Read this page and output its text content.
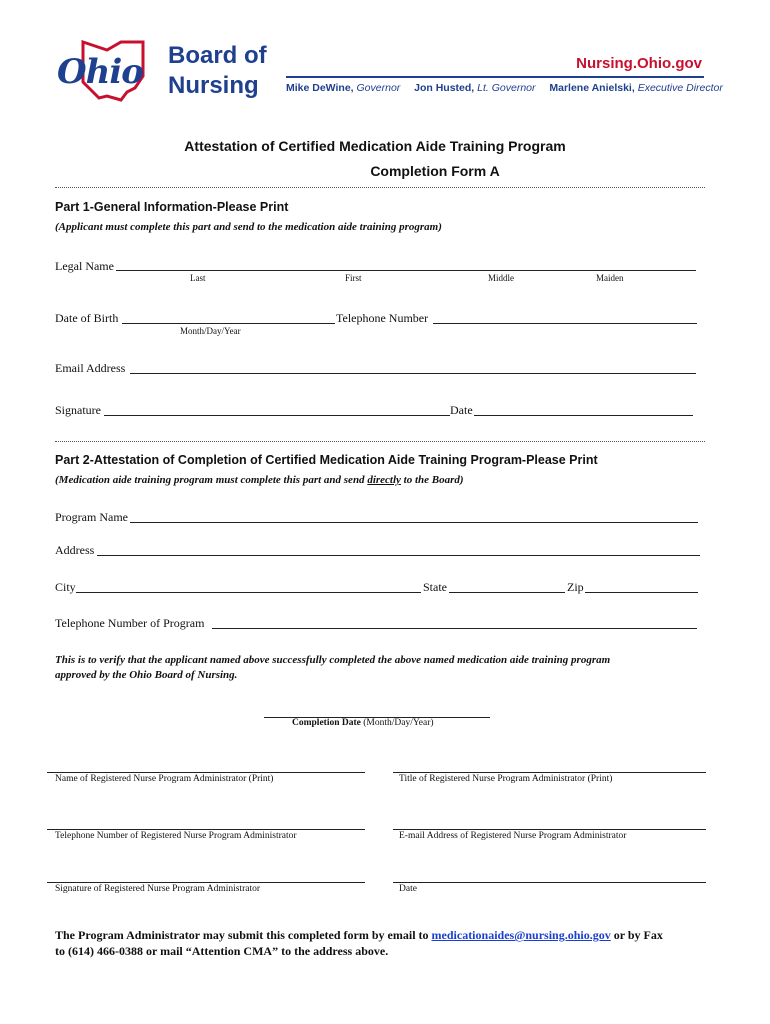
Ohio Board of
Nursing
Nursing.Ohio.gov
Mike DeWine, Governor Jon Husted, Lt. Governor Marlene Anielski, Executive Director
Attestation of Certified Medication Aide Training Program
Completion Form A
Part 1-General Information-Please Print
(Applicant must complete this part and send to the medication aide training program)
Legal Name
Last	First	Middle	Maiden
Date of Birth
Month/Day/Year
Telephone Number
Email Address
Signature	Date
Part 2-Attestation of Completion of Certified Medication Aide Training Program-Please Print
(Medication aide training program must complete this part and send directly to the Board)
Program Name
Address
City	State	Zip
Telephone Number of Program
This is to verify that the applicant named above successfully completed the above named medication aide training program
approved by the Ohio Board of Nursing.
Completion Date (Month/Day/Year)
Name of Registered Nurse Program Administrator (Print)	Title of Registered Nurse Program Administrator (Print)
Telephone Number of Registered Nurse Program Administrator	E-mail Address of Registered Nurse Program Administrator
Signature of Registered Nurse Program Administrator	Date
The Program Administrator may submit this completed form by email to medicationaides@nursing.ohio.gov or by Fax
to (614) 466-0388 or mail “Attention CMA” to the address above.
